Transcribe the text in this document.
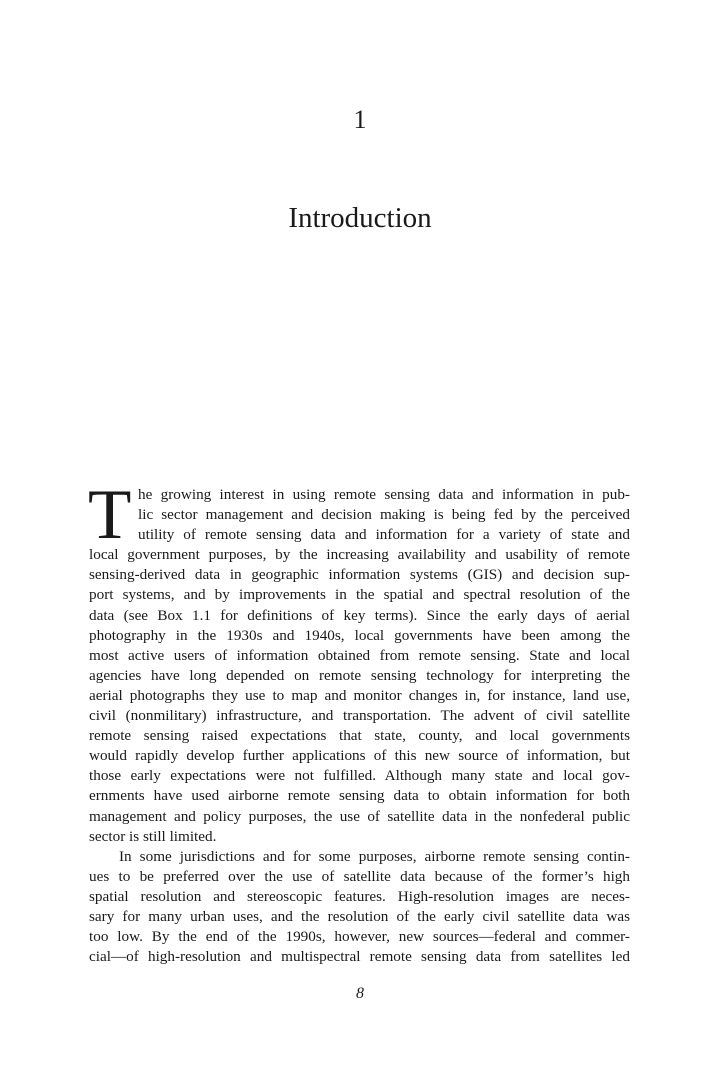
1
Introduction
T he growing interest in using remote sensing data and information in pub-
lic sector management and decision making is being fed by the perceived
utility of remote sensing data and information for a variety of state and
local government purposes, by the increasing availability and usability of remote
sensing-derived data in geographic information systems (GIS) and decision sup-
port systems, and by improvements in the spatial and spectral resolution of the
data (see Box 1.1 for definitions of key terms). Since the early days of aerial
photography in the 1930s and 1940s, local governments have been among the
most active users of information obtained from remote sensing. State and local
agencies have long depended on remote sensing technology for interpreting the
aerial photographs they use to map and monitor changes in, for instance, land use,
civil (nonmilitary) infrastructure, and transportation. The advent of civil satellite
remote sensing raised expectations that state, county, and local governments
would rapidly develop further applications of this new source of information, but
those early expectations were not fulfilled. Although many state and local gov-
ernments have used airborne remote sensing data to obtain information for both
management and policy purposes, the use of satellite data in the nonfederal public
sector is still limited.
In some jurisdictions and for some purposes, airborne remote sensing contin-
ues to be preferred over the use of satellite data because of the former’s high
spatial resolution and stereoscopic features. High-resolution images are neces-
sary for many urban uses, and the resolution of the early civil satellite data was
too low. By the end of the 1990s, however, new sources—federal and commer-
cial—of high-resolution and multispectral remote sensing data from satellites led
8
